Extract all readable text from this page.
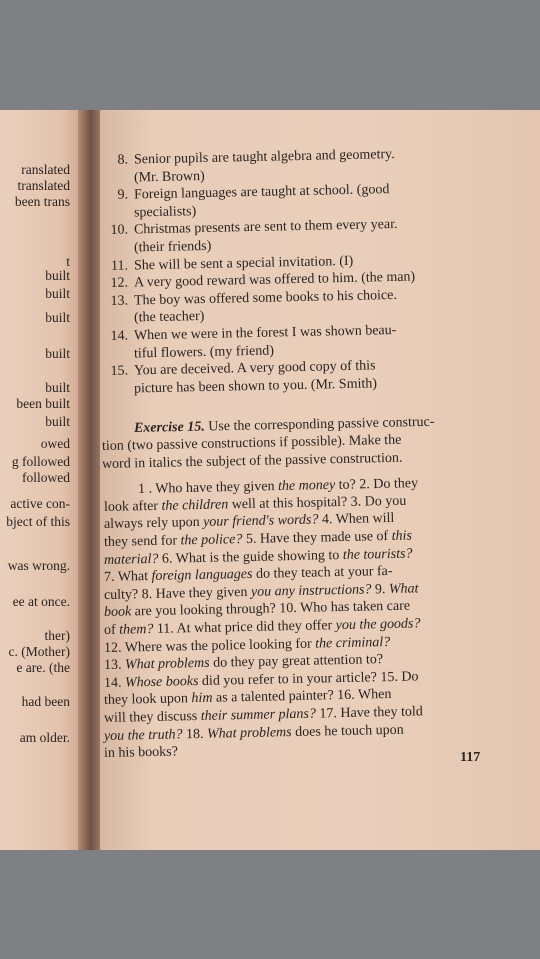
ranslated
translated
been trans
t
built
built
built
built
built
been built
built
owed
g followed
followed
active con-
bject of this
was wrong.
ee at once.
ther)
c. (Mother)
e are. (the
had been
am older.
117
8. Senior pupils are taught algebra and geometry.
(Mr. Brown)
9. Foreign languages are taught at school. (good
specialists)
10. Christmas presents are sent to them every year.
(their friends)
11. She will be sent a special invitation. (I)
12. A very good reward was offered to him. (the man)
13. The boy was offered some books to his choice.
(the teacher)
14. When we were in the forest I was shown beau-
tiful flowers. (my friend)
15. You are deceived. A very good copy of this
picture has been shown to you. (Mr. Smith)
Exercise 15. Use the corresponding passive construc-
tion (two passive constructions if possible). Make the
word in italics the subject of the passive construction.
1 . Who have they given the money to? 2. Do they
look after the children well at this hospital? 3. Do you
always rely upon your friend's words? 4. When will
they send for the police? 5. Have they made use of this
material? 6. What is the guide showing to the tourists?
7. What foreign languages do they teach at your fa-
culty? 8. Have they given you any instructions? 9. What
book are you looking through? 10. Who has taken care
of them? 11. At what price did they offer you the goods?
12. Where was the police looking for the criminal?
13. What problems do they pay great attention to?
14. Whose books did you refer to in your article? 15. Do
they look upon him as a talented painter? 16. When
will they discuss their summer plans? 17. Have they told
you the truth? 18. What problems does he touch upon
in his books?
